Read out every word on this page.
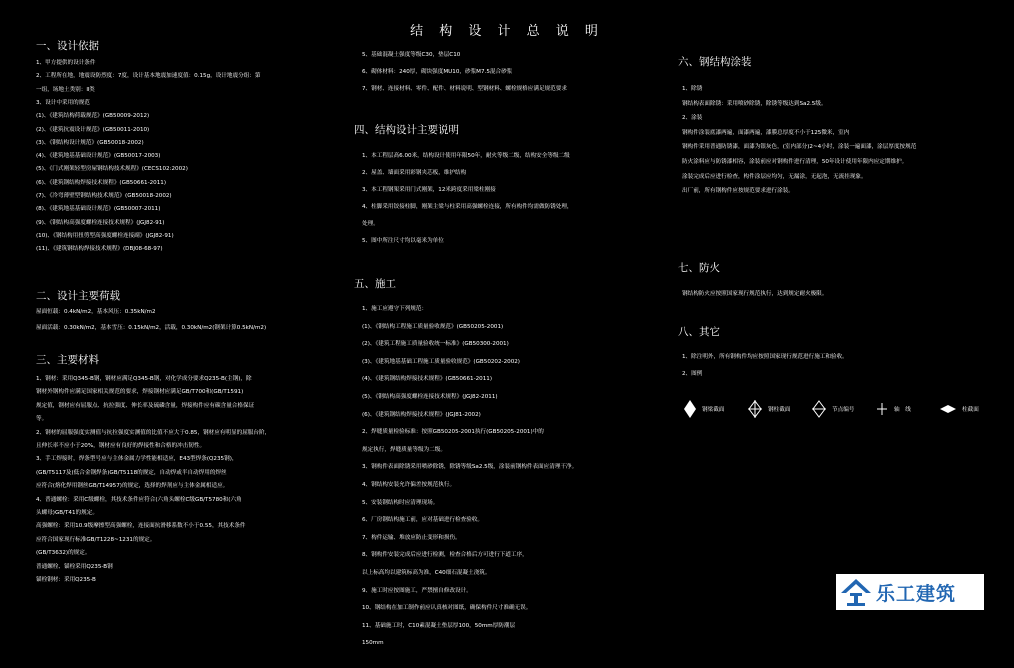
结 构 设 计 总 说 明
一、设计依据
1、甲方提供的设计条件
2、工程所在地，地震设防烈度：7度，设计基本地震加速度值：0.15g，设计地震分组：第
一组，场地土类别：Ⅱ类
3、设计中采用的规范
(1)、《建筑结构荷载规范》(GB50009-2012)
(2)、《建筑抗震设计规范》(GB50011-2010)
(3)、《钢结构设计规范》(GB50018-2002)
(4)、《建筑地基基础设计规范》(GB50017-2003)
(5)、《门式刚架轻型房屋钢结构技术规程》(CECS102:2002)
(6)、《建筑钢结构焊接技术规程》(GB50661-2011)
(7)、《冷弯薄壁型钢结构技术规范》(GB50018-2002)
(8)、《建筑地基基础设计规范》(GB50007-2011)
(9)、《钢结构高强度螺栓连接技术规程》(JGJ82-91)
(10)、《钢结构用扭剪型高强度螺栓连接副》(JGJ82-91)
(11)、《建筑钢结构焊接技术规程》(DBJ08-68-97)
二、设计主要荷载
屋面恒载：0.4kN/m2，基本风压：0.35kN/m2
屋面活载：0.30kN/m2，基本雪压：0.15kN/m2，活载，0.30kN/m2(钢架计算0.5kN/m2)
三、主要材料
1、钢材：采用Q345-B钢，钢材应满足Q345-B钢，对化学成分要求Q235-B(主钢)，除
钢材外钢构件应满足国家相关规范的要求，焊接钢材应满足GB/T700和(GB/T1591)
规定值，钢材应有屈服点、抗拉强度、伸长率及硫磷含量，焊接构件应有碳含量合格保证
等。
2、钢材的屈服强度实测值与抗拉强度实测值的比值不应大于0.85，钢材应有明显的屈服台阶，
且伸长率不应小于20%，钢材应有良好的焊接性和合格的冲击韧性。
3、手工焊接时，焊条型号应与主体金属力学性能相适应，E43型焊条(Q235钢)，
(GB/T5117及(低合金钢焊条)GB/T5118的规定，自动焊或半自动焊用的焊丝
应符合(熔化焊用钢丝GB/T14957)的规定，选择的焊剂应与主体金属相适应。
4、普通螺栓：采用C级螺栓，其技术条件应符合(六角头螺栓C级GB/T5780和(六角
头螺母)GB/T41的规定。
高强螺栓：采用10.9级摩擦型高强螺栓，连接面抗滑移系数不小于0.55，其技术条件
应符合国家现行标准GB/T1228~1231的规定。
(GB/T3632)的规定。
普通螺栓、锚栓采用Q235-B钢
锚栓钢材：采用Q235-B
5、基础混凝土强度等级C30，垫层C10
6、砌体材料：240厚，砌块强度MU10，砂浆M7.5混合砂浆
7、钢材、连接材料、零件、配件、材料说明、型钢材料、螺栓规格应满足规范要求
四、结构设计主要说明
1、本工程层高6.00米，结构设计使用年限50年，耐火等级二级，结构安全等级二级
2、屋盖、墙面采用彩钢夹芯板，维护结构
3、本工程钢架采用门式刚架，12米跨度采用梁柱刚接
4、柱脚采用铰接柱脚，刚架主梁与柱采用高强螺栓连接，所有构件均需做防锈处理，
处理。
5、图中所注尺寸均以毫米为单位
五、施工
1、施工应遵守下列规范：
(1)、《钢结构工程施工质量验收规范》(GB50205-2001)
(2)、《建筑工程施工质量验收统一标准》(GB50300-2001)
(3)、《建筑地基基础工程施工质量验收规范》(GB50202-2002)
(4)、《建筑钢结构焊接技术规程》(GB50661-2011)
(5)、《钢结构高强度螺栓连接技术规程》(JGJ82-2011)
(6)、《建筑钢结构焊接技术规程》(JGJ81-2002)
2、焊缝质量检验标准：按照GB50205-2001执行(GB50205-2001)中的
规定执行，焊缝质量等级为二级。
3、钢构件表面除锈采用喷砂除锈，除锈等级Sa2.5级，涂装前钢构件表面应清理干净。
4、钢结构安装允许偏差按规范执行。
5、安装钢结构时应清理现场。
6、厂房钢结构施工前，应对基础进行检查验收。
7、构件运输、堆放应防止变形和损伤。
8、钢构件安装完成后应进行检测，检查合格后方可进行下道工序，
以上标高均以建筑标高为准，C40细石混凝土浇筑。
9、施工时应按图施工，严禁擅自修改设计。
10、钢结构在加工制作前应认真核对图纸，确保构件尺寸准确无误。
11、基础施工时，C10素混凝土垫层厚100，50mm厚防潮层
150mm
六、钢结构涂装
1、除锈
钢结构表面除锈：采用喷砂除锈，除锈等级达到Sa2.5级。
2、涂装
钢构件涂装底漆两遍，面漆两遍，漆膜总厚度不小于125微米，室内
钢构件采用普通防锈漆，面漆为银灰色，(室内部分)2~4小时，涂装一遍面漆，涂层厚度按规范
防火涂料应与防锈漆相容，涂装前应对钢构件进行清理，50年设计使用年限内应定期维护。
涂装完成后应进行检查，构件涂层应均匀，无漏涂，无起泡，无流挂现象。
出厂前，所有钢构件应按规范要求进行涂装。
七、防火
钢结构防火应按照国家现行规范执行，达到规定耐火极限。
八、其它
1、除注明外，所有钢构件均应按照国家现行规范进行施工和验收。
2、图例
钢梁截面	钢柱截面	节点编号	轴　线	柱截面
乐工建筑
